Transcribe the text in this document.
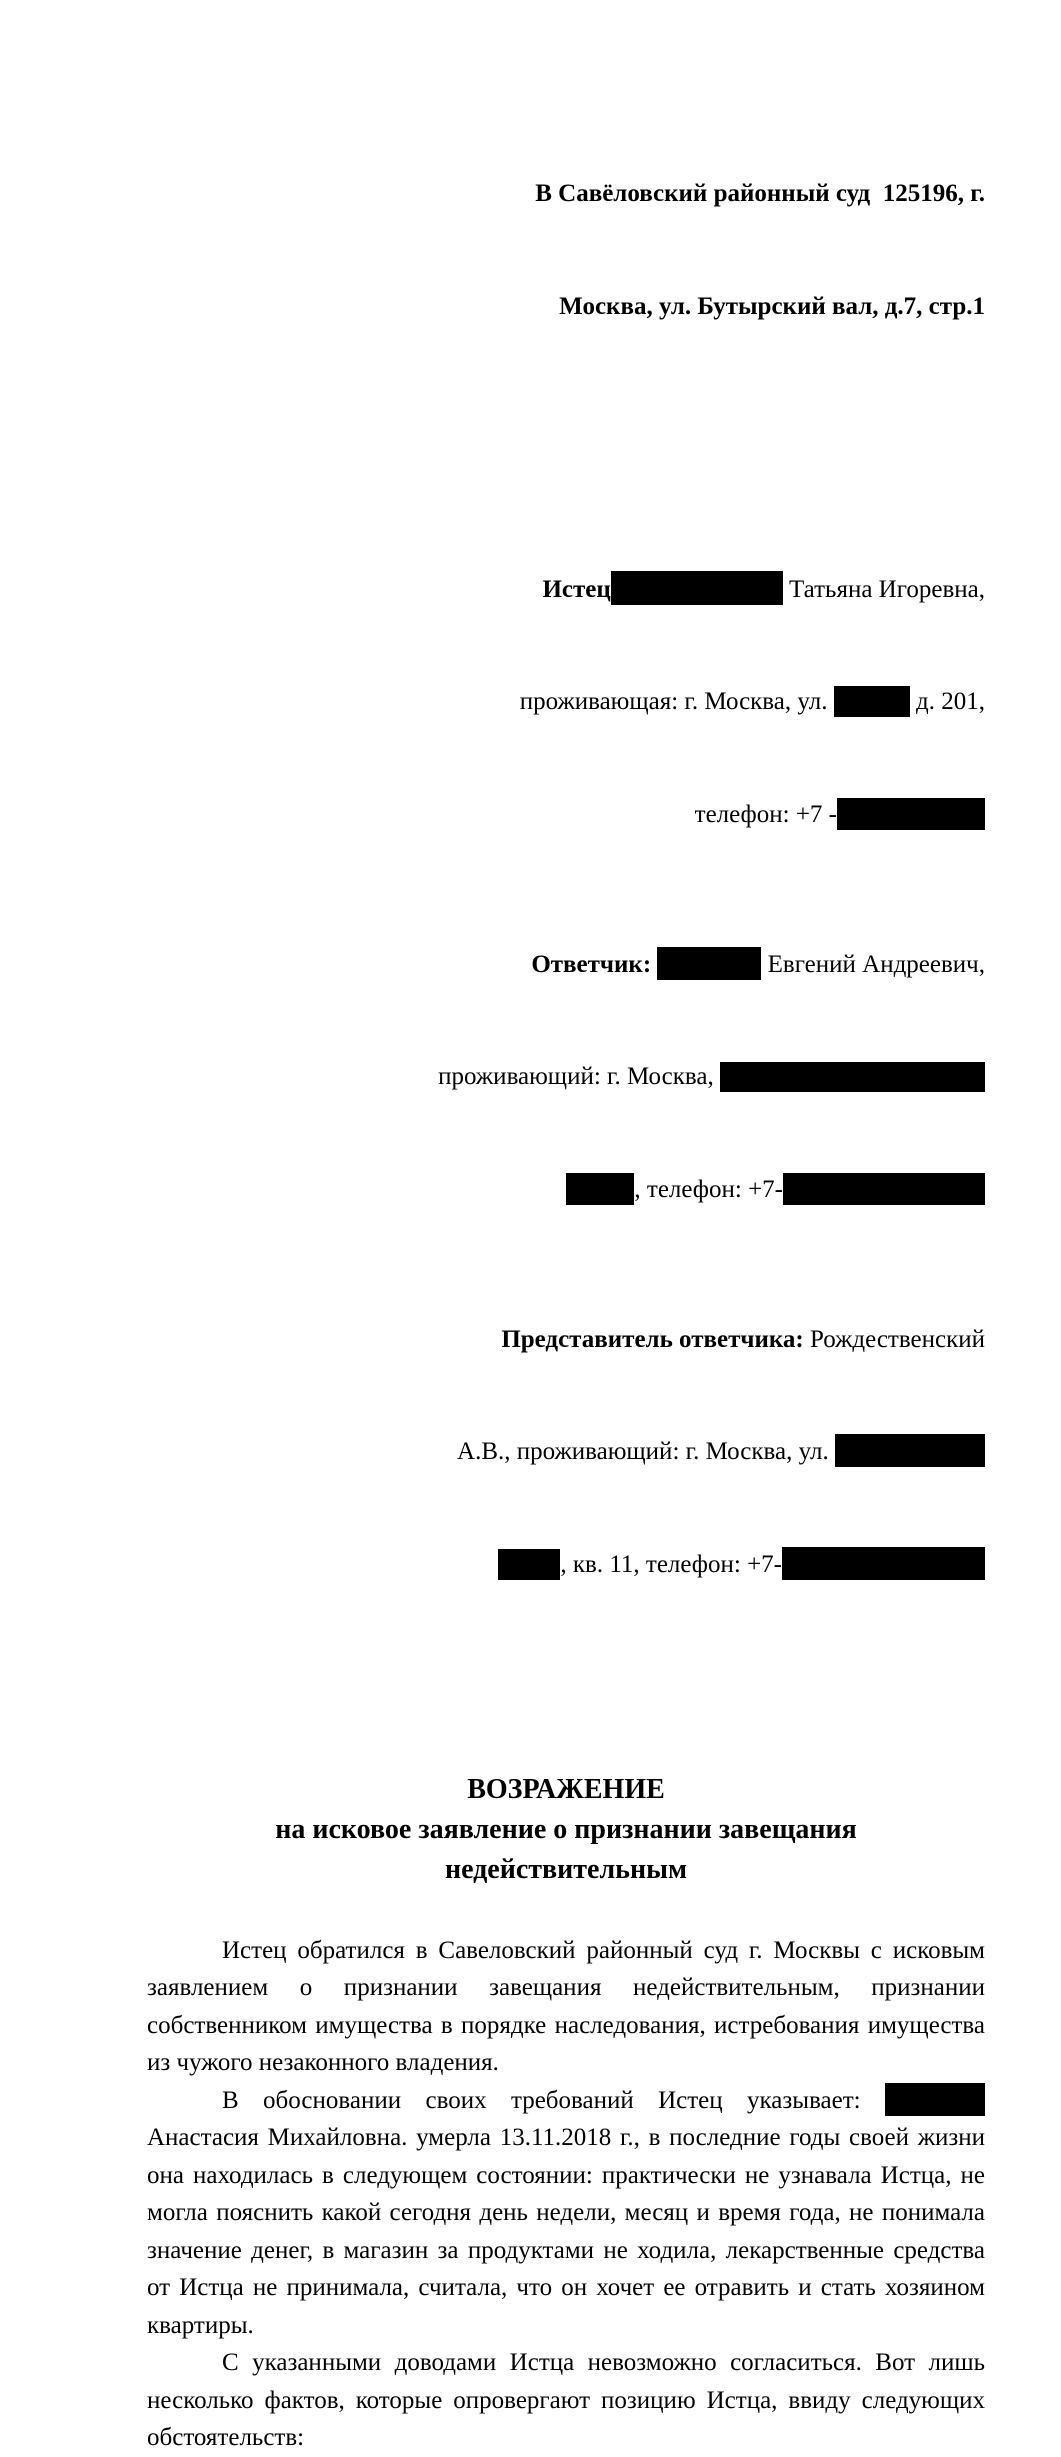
В Савёловский районный суд  125196, г.

Москва, ул. Бутырский вал, д.7, стр.1

Истец	Татьяна Игоревна,

проживающая: г. Москва, ул.	д. 201,

телефон: +7 -

Ответчик:	Евгений Андреевич,

проживающий: г. Москва,

, телефон: +7-

Представитель ответчика: Рождественский

А.В., проживающий: г. Москва, ул.

, кв. 11, телефон: +7-

ВОЗРАЖЕНИЕ
на исковое заявление о признании завещания недействительным

Истец обратился в Савеловский районный суд г. Москвы с исковым заявлением о признании завещания недействительным, признании собственником имущества в порядке наследования, истребования имущества из чужого незаконного владения.

В обосновании своих требований Истец указывает:  Анастасия Михайловна. умерла 13.11.2018 г., в последние годы своей жизни она находилась в следующем состоянии: практически не узнавала Истца, не могла пояснить какой сегодня день недели, месяц и время года, не понимала значение денег, в магазин за продуктами не ходила, лекарственные средства от Истца не принимала, считала, что он хочет ее отравить и стать хозяином квартиры.

С указанными доводами Истца невозможно согласиться. Вот лишь несколько фактов, которые опровергают позицию Истца, ввиду следующих обстоятельств:
